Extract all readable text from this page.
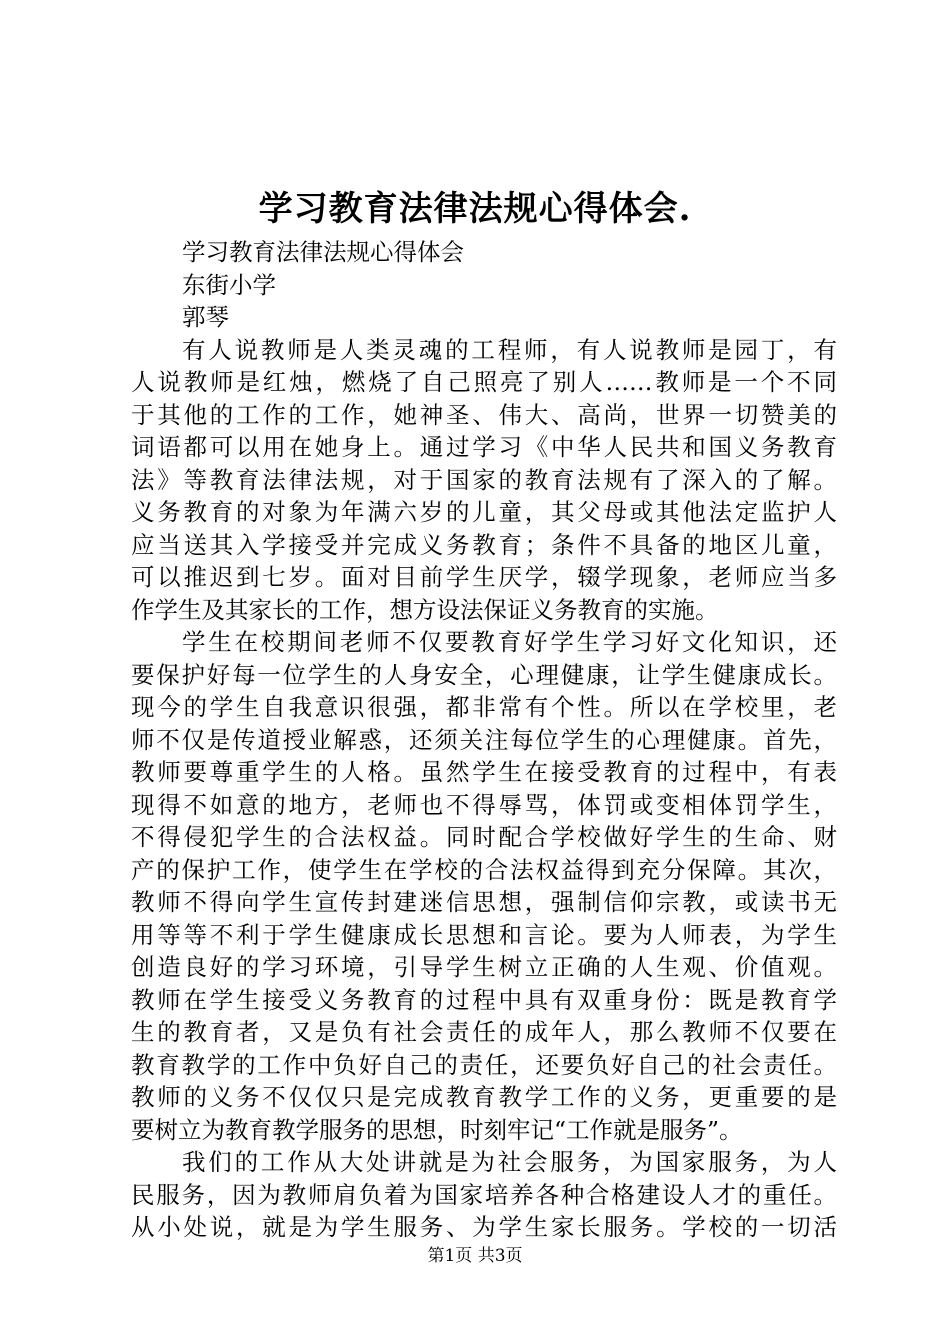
学习教育法律法规心得体会.
学习教育法律法规心得体会
东街小学
郭琴
有人说教师是人类灵魂的工程师，有人说教师是园丁，有
人说教师是红烛，燃烧了自己照亮了别人……教师是一个不同
于其他的工作的工作，她神圣、伟大、高尚，世界一切赞美的
词语都可以用在她身上。通过学习《中华人民共和国义务教育
法》等教育法律法规，对于国家的教育法规有了深入的了解。
义务教育的对象为年满六岁的儿童，其父母或其他法定监护人
应当送其入学接受并完成义务教育；条件不具备的地区儿童，
可以推迟到七岁。面对目前学生厌学，辍学现象，老师应当多
作学生及其家长的工作，想方设法保证义务教育的实施。
学生在校期间老师不仅要教育好学生学习好文化知识，还
要保护好每一位学生的人身安全，心理健康，让学生健康成长。
现今的学生自我意识很强，都非常有个性。所以在学校里，老
师不仅是传道授业解惑，还须关注每位学生的心理健康。首先，
教师要尊重学生的人格。虽然学生在接受教育的过程中，有表
现得不如意的地方，老师也不得辱骂，体罚或变相体罚学生，
不得侵犯学生的合法权益。同时配合学校做好学生的生命、财
产的保护工作，使学生在学校的合法权益得到充分保障。其次，
教师不得向学生宣传封建迷信思想，强制信仰宗教，或读书无
用等等不利于学生健康成长思想和言论。要为人师表，为学生
创造良好的学习环境，引导学生树立正确的人生观、价值观。
教师在学生接受义务教育的过程中具有双重身份：既是教育学
生的教育者，又是负有社会责任的成年人，那么教师不仅要在
教育教学的工作中负好自己的责任，还要负好自己的社会责任。
教师的义务不仅仅只是完成教育教学工作的义务，更重要的是
要树立为教育教学服务的思想，时刻牢记“工作就是服务”。
我们的工作从大处讲就是为社会服务，为国家服务，为人
民服务，因为教师肩负着为国家培养各种合格建设人才的重任。
从小处说，就是为学生服务、为学生家长服务。学校的一切活
第1页 共3页
